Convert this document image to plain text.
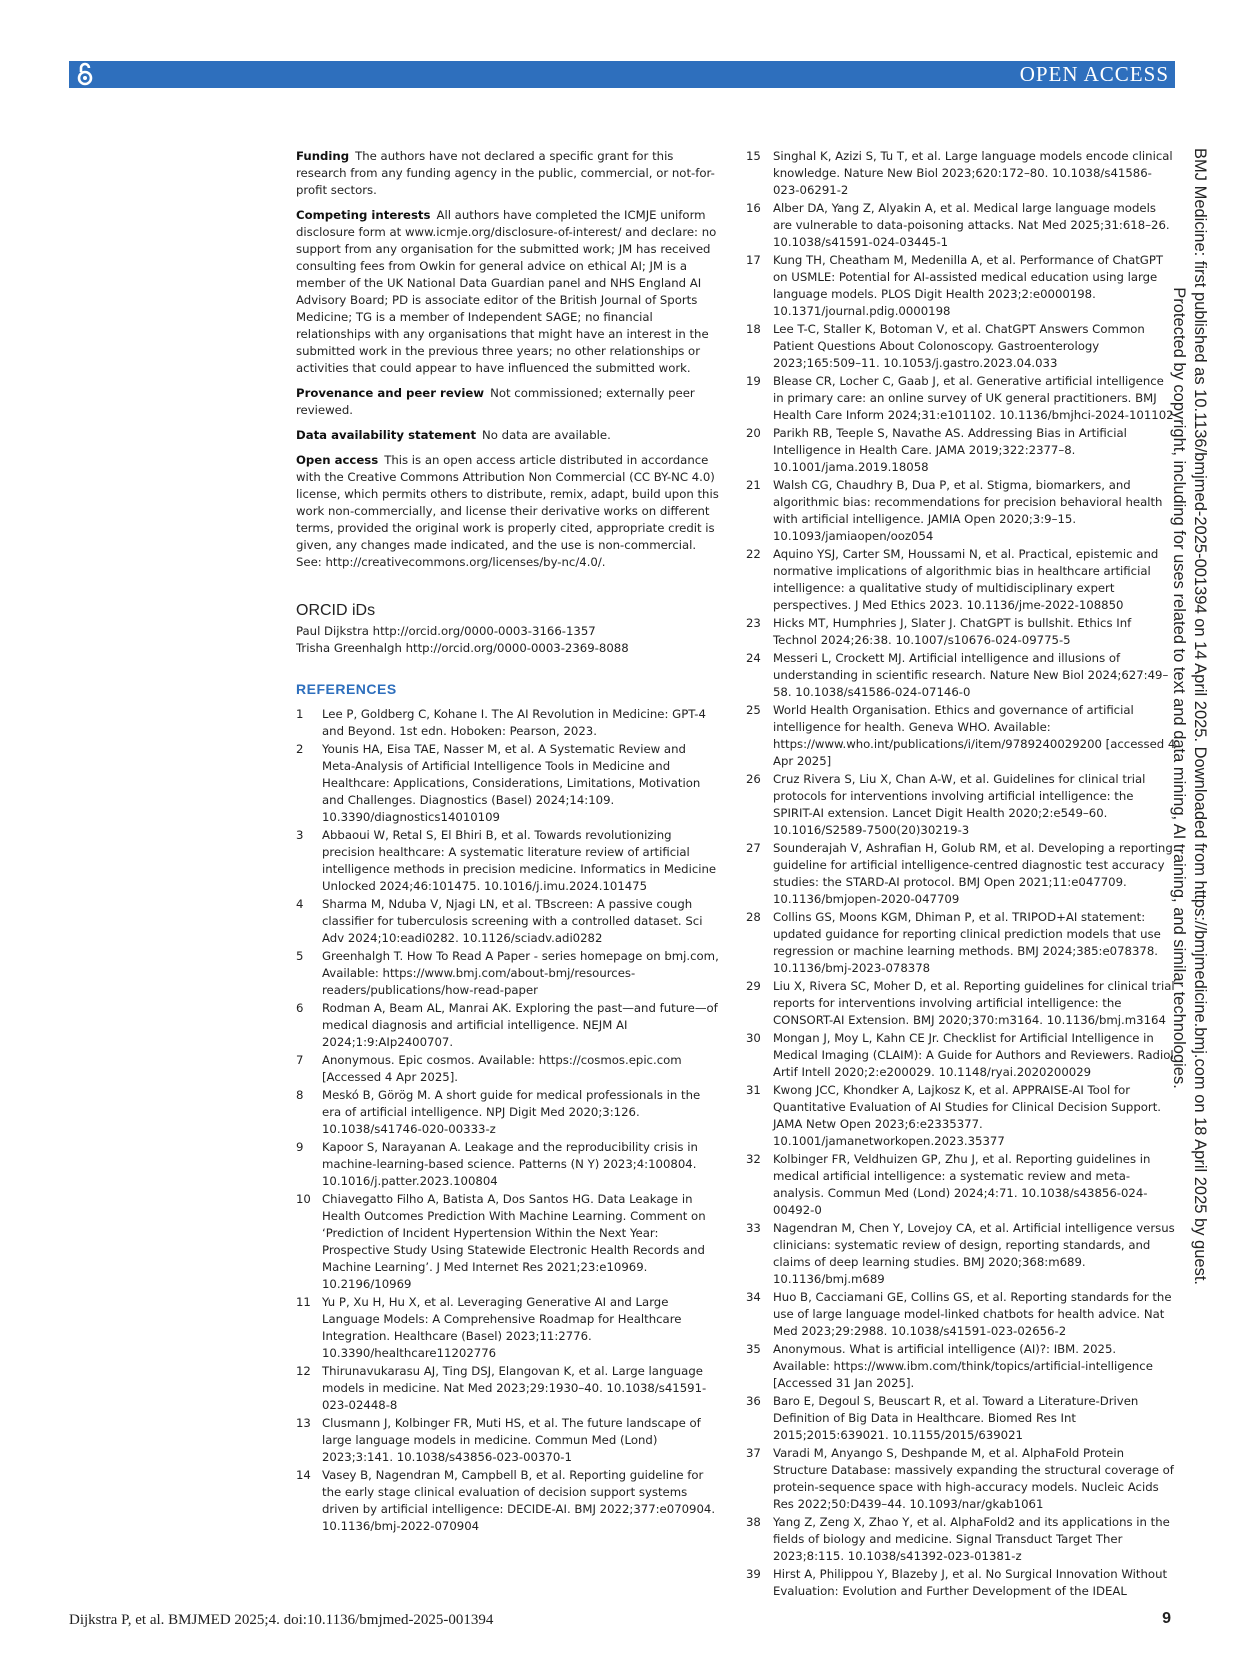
OPEN ACCESS
Funding The authors have not declared a specific grant for this research from any funding agency in the public, commercial, or not-for-profit sectors.
Competing interests All authors have completed the ICMJE uniform disclosure form at www.icmje.org/disclosure-of-interest/ and declare: no support from any organisation for the submitted work; JM has received consulting fees from Owkin for general advice on ethical AI; JM is a member of the UK National Data Guardian panel and NHS England AI Advisory Board; PD is associate editor of the British Journal of Sports Medicine; TG is a member of Independent SAGE; no financial relationships with any organisations that might have an interest in the submitted work in the previous three years; no other relationships or activities that could appear to have influenced the submitted work.
Provenance and peer review Not commissioned; externally peer reviewed.
Data availability statement No data are available.
Open access This is an open access article distributed in accordance with the Creative Commons Attribution Non Commercial (CC BY-NC 4.0) license, which permits others to distribute, remix, adapt, build upon this work non-commercially, and license their derivative works on different terms, provided the original work is properly cited, appropriate credit is given, any changes made indicated, and the use is non-commercial. See: http://creativecommons.org/licenses/by-nc/4.0/.
ORCID iDs
Paul Dijkstra http://orcid.org/0000-0003-3166-1357
Trisha Greenhalgh http://orcid.org/0000-0003-2369-8088
REFERENCES
1	Lee P, Goldberg C, Kohane I. The AI Revolution in Medicine: GPT-4 and Beyond. 1st edn. Hoboken: Pearson, 2023.
2	Younis HA, Eisa TAE, Nasser M, et al. A Systematic Review and Meta-Analysis of Artificial Intelligence Tools in Medicine and Healthcare: Applications, Considerations, Limitations, Motivation and Challenges. Diagnostics (Basel) 2024;14:109. 10.3390/diagnostics14010109
3	Abbaoui W, Retal S, El Bhiri B, et al. Towards revolutionizing precision healthcare: A systematic literature review of artificial intelligence methods in precision medicine. Informatics in Medicine Unlocked 2024;46:101475. 10.1016/j.imu.2024.101475
4	Sharma M, Nduba V, Njagi LN, et al. TBscreen: A passive cough classifier for tuberculosis screening with a controlled dataset. Sci Adv 2024;10:eadi0282. 10.1126/sciadv.adi0282
5	Greenhalgh T. How To Read A Paper - series homepage on bmj.com, Available: https://www.bmj.com/about-bmj/resources-readers/publications/how-read-paper
6	Rodman A, Beam AL, Manrai AK. Exploring the past—and future—of medical diagnosis and artificial intelligence. NEJM AI 2024;1:9:AIp2400707.
7	Anonymous. Epic cosmos. Available: https://cosmos.epic.com [Accessed 4 Apr 2025].
8	Meskó B, Görög M. A short guide for medical professionals in the era of artificial intelligence. NPJ Digit Med 2020;3:126. 10.1038/s41746-020-00333-z
9	Kapoor S, Narayanan A. Leakage and the reproducibility crisis in machine-learning-based science. Patterns (N Y) 2023;4:100804. 10.1016/j.patter.2023.100804
10 Chiavegatto Filho A, Batista A, Dos Santos HG. Data Leakage in Health Outcomes Prediction With Machine Learning. Comment on ‘Prediction of Incident Hypertension Within the Next Year: Prospective Study Using Statewide Electronic Health Records and Machine Learning’. J Med Internet Res 2021;23:e10969. 10.2196/10969
11 Yu P, Xu H, Hu X, et al. Leveraging Generative AI and Large Language Models: A Comprehensive Roadmap for Healthcare Integration. Healthcare (Basel) 2023;11:2776. 10.3390/healthcare11202776
12 Thirunavukarasu AJ, Ting DSJ, Elangovan K, et al. Large language models in medicine. Nat Med 2023;29:1930–40. 10.1038/s41591-023-02448-8
13 Clusmann J, Kolbinger FR, Muti HS, et al. The future landscape of large language models in medicine. Commun Med (Lond) 2023;3:141. 10.1038/s43856-023-00370-1
14 Vasey B, Nagendran M, Campbell B, et al. Reporting guideline for the early stage clinical evaluation of decision support systems driven by artificial intelligence: DECIDE-AI. BMJ 2022;377:e070904. 10.1136/bmj-2022-070904
15	Singhal K, Azizi S, Tu T, et al. Large language models encode clinical knowledge. Nature New Biol 2023;620:172–80. 10.1038/s41586-023-06291-2
16	Alber DA, Yang Z, Alyakin A, et al. Medical large language models are vulnerable to data-poisoning attacks. Nat Med 2025;31:618–26. 10.1038/s41591-024-03445-1
17	Kung TH, Cheatham M, Medenilla A, et al. Performance of ChatGPT on USMLE: Potential for AI-assisted medical education using large language models. PLOS Digit Health 2023;2:e0000198. 10.1371/journal.pdig.0000198
18	Lee T-C, Staller K, Botoman V, et al. ChatGPT Answers Common Patient Questions About Colonoscopy. Gastroenterology 2023;165:509–11. 10.1053/j.gastro.2023.04.033
19	Blease CR, Locher C, Gaab J, et al. Generative artificial intelligence in primary care: an online survey of UK general practitioners. BMJ Health Care Inform 2024;31:e101102. 10.1136/bmjhci-2024-101102
20	Parikh RB, Teeple S, Navathe AS. Addressing Bias in Artificial Intelligence in Health Care. JAMA 2019;322:2377–8. 10.1001/jama.2019.18058
21	Walsh CG, Chaudhry B, Dua P, et al. Stigma, biomarkers, and algorithmic bias: recommendations for precision behavioral health with artificial intelligence. JAMIA Open 2020;3:9–15. 10.1093/jamiaopen/ooz054
22	Aquino YSJ, Carter SM, Houssami N, et al. Practical, epistemic and normative implications of algorithmic bias in healthcare artificial intelligence: a qualitative study of multidisciplinary expert perspectives. J Med Ethics 2023. 10.1136/jme-2022-108850
23	Hicks MT, Humphries J, Slater J. ChatGPT is bullshit. Ethics Inf Technol 2024;26:38. 10.1007/s10676-024-09775-5
24	Messeri L, Crockett MJ. Artificial intelligence and illusions of understanding in scientific research. Nature New Biol 2024;627:49–58. 10.1038/s41586-024-07146-0
25	World Health Organisation. Ethics and governance of artificial intelligence for health. Geneva WHO. Available: https://www.who.int/publications/i/item/9789240029200 [accessed 4 Apr 2025]
26	Cruz Rivera S, Liu X, Chan A-W, et al. Guidelines for clinical trial protocols for interventions involving artificial intelligence: the SPIRIT-AI extension. Lancet Digit Health 2020;2:e549–60. 10.1016/S2589-7500(20)30219-3
27	Sounderajah V, Ashrafian H, Golub RM, et al. Developing a reporting guideline for artificial intelligence-centred diagnostic test accuracy studies: the STARD-AI protocol. BMJ Open 2021;11:e047709. 10.1136/bmjopen-2020-047709
28	Collins GS, Moons KGM, Dhiman P, et al. TRIPOD+AI statement: updated guidance for reporting clinical prediction models that use regression or machine learning methods. BMJ 2024;385:e078378. 10.1136/bmj-2023-078378
29	Liu X, Rivera SC, Moher D, et al. Reporting guidelines for clinical trial reports for interventions involving artificial intelligence: the CONSORT-AI Extension. BMJ 2020;370:m3164. 10.1136/bmj.m3164
30	Mongan J, Moy L, Kahn CE Jr. Checklist for Artificial Intelligence in Medical Imaging (CLAIM): A Guide for Authors and Reviewers. Radiol Artif Intell 2020;2:e200029. 10.1148/ryai.2020200029
31	Kwong JCC, Khondker A, Lajkosz K, et al. APPRAISE-AI Tool for Quantitative Evaluation of AI Studies for Clinical Decision Support. JAMA Netw Open 2023;6:e2335377. 10.1001/jamanetworkopen.2023.35377
32	Kolbinger FR, Veldhuizen GP, Zhu J, et al. Reporting guidelines in medical artificial intelligence: a systematic review and meta-analysis. Commun Med (Lond) 2024;4:71. 10.1038/s43856-024-00492-0
33	Nagendran M, Chen Y, Lovejoy CA, et al. Artificial intelligence versus clinicians: systematic review of design, reporting standards, and claims of deep learning studies. BMJ 2020;368:m689. 10.1136/bmj.m689
34	Huo B, Cacciamani GE, Collins GS, et al. Reporting standards for the use of large language model-linked chatbots for health advice. Nat Med 2023;29:2988. 10.1038/s41591-023-02656-2
35	Anonymous. What is artificial intelligence (AI)?: IBM. 2025. Available: https://www.ibm.com/think/topics/artificial-intelligence [Accessed 31 Jan 2025].
36	Baro E, Degoul S, Beuscart R, et al. Toward a Literature-Driven Definition of Big Data in Healthcare. Biomed Res Int 2015;2015:639021. 10.1155/2015/639021
37	Varadi M, Anyango S, Deshpande M, et al. AlphaFold Protein Structure Database: massively expanding the structural coverage of protein-sequence space with high-accuracy models. Nucleic Acids Res 2022;50:D439–44. 10.1093/nar/gkab1061
38	Yang Z, Zeng X, Zhao Y, et al. AlphaFold2 and its applications in the fields of biology and medicine. Signal Transduct Target Ther 2023;8:115. 10.1038/s41392-023-01381-z
39	Hirst A, Philippou Y, Blazeby J, et al. No Surgical Innovation Without Evaluation: Evolution and Further Development of the IDEAL
BMJ Medicine: first published as 10.1136/bmjmed-2025-001394 on 14 April 2025. Downloaded from https://bmjmedicine.bmj.com on 18 April 2025 by guest.
Protected by copyright, including for uses related to text and data mining, AI training, and similar technologies.
Dijkstra P, et al. BMJMED 2025;4. doi:10.1136/bmjmed-2025-001394	9
